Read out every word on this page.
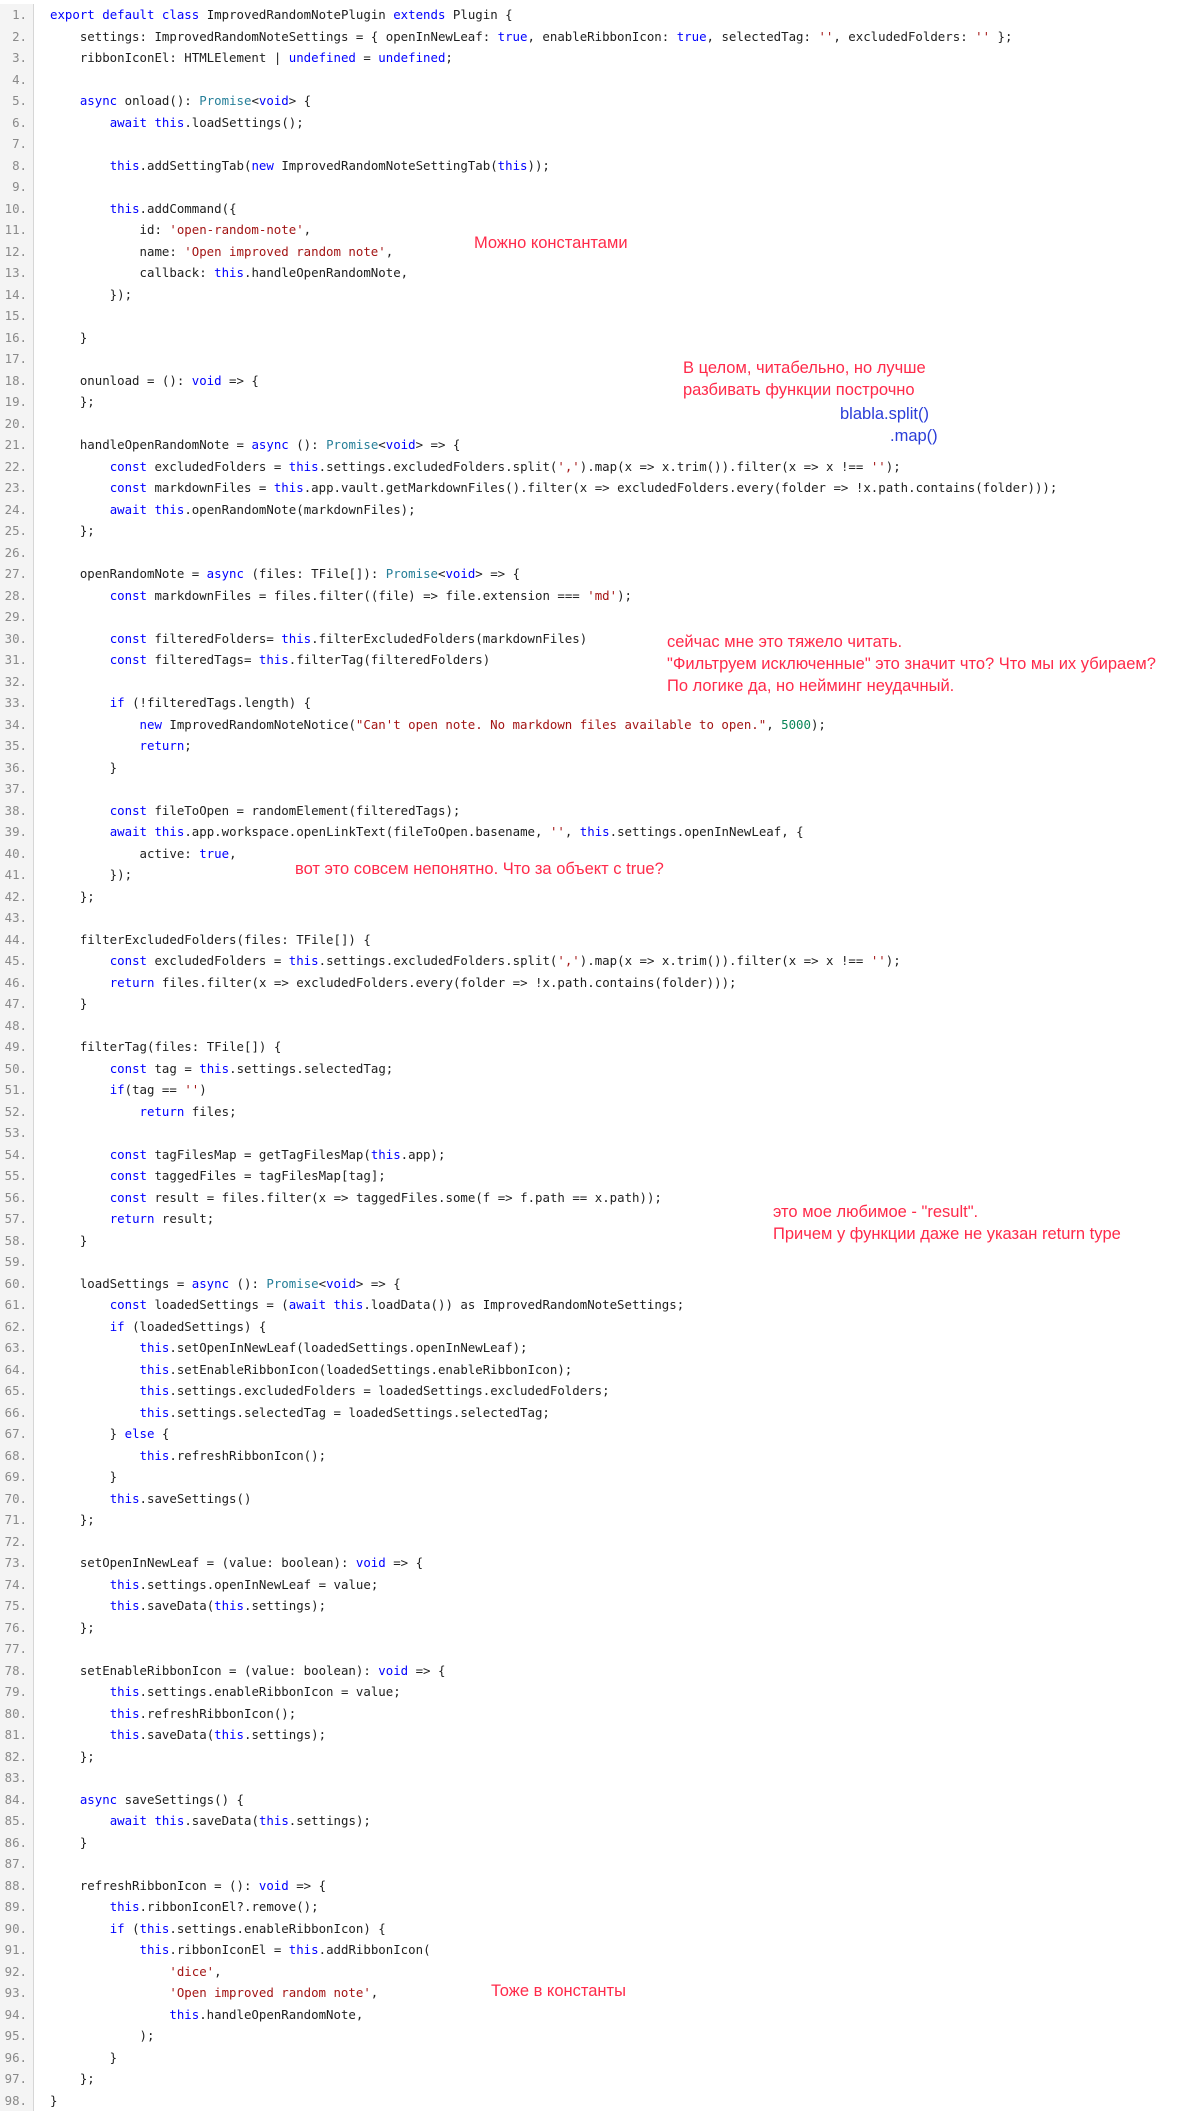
1 .	export default class ImprovedRandomNotePlugin extends Plugin {
2 .	settings: ImprovedRandomNoteSettings = { openInNewLeaf: true, enableRibbonIcon: true, selectedTag: '', excludedFolders: '' };
3 .	ribbonIconEl: HTMLElement | undefined = undefined;
4 .
5 .	async onload(): Promise<void> {
6 .	await this.loadSettings();
7 .
8 .	this.addSettingTab(new ImprovedRandomNoteSettingTab(this));
9 .
10 .	this.addCommand({
11 .	id: 'open-random-note',
12 .	name: 'Open improved random note',
13 .	callback: this.handleOpenRandomNote,
14 .	});
15 .
16 .	}
17 .
18 .	onunload = (): void => {
19 .	};
20 .
21 .	handleOpenRandomNote = async (): Promise<void> => {
22 .	const excludedFolders = this.settings.excludedFolders.split(',').map(x => x.trim()).filter(x => x !== '');
23 .	const markdownFiles = this.app.vault.getMarkdownFiles().filter(x => excludedFolders.every(folder => !x.path.contains(folder)));
24 .	await this.openRandomNote(markdownFiles);
25 .	};
26 .
27 .	openRandomNote = async (files: TFile[]): Promise<void> => {
28 .	const markdownFiles = files.filter((file) => file.extension === 'md');
29 .
30 .	const filteredFolders= this.filterExcludedFolders(markdownFiles)
31 .	const filteredTags= this.filterTag(filteredFolders)
32 .
33 .	if (!filteredTags.length) {
34 .	new ImprovedRandomNoteNotice("Can't open note. No markdown files available to open.", 5000);
35 .	return;
36 .	}
37 .
38 .	const fileToOpen = randomElement(filteredTags);
39 .	await this.app.workspace.openLinkText(fileToOpen.basename, '', this.settings.openInNewLeaf, {
40 .	active: true,
41 .	});
42 .	};
43 .
44 .	filterExcludedFolders(files: TFile[]) {
45 .	const excludedFolders = this.settings.excludedFolders.split(',').map(x => x.trim()).filter(x => x !== '');
46 .	return files.filter(x => excludedFolders.every(folder => !x.path.contains(folder)));
47 .	}
48 .
49 .	filterTag(files: TFile[]) {
50 .	const tag = this.settings.selectedTag;
51 .	if(tag == '')
52 .	return files;
53 .
54 .	const tagFilesMap = getTagFilesMap(this.app);
55 .	const taggedFiles = tagFilesMap[tag];
56 .	const result = files.filter(x => taggedFiles.some(f => f.path == x.path));
57 .	return result;
58 .	}
59 .
60 .	loadSettings = async (): Promise<void> => {
61 .	const loadedSettings = (await this.loadData()) as ImprovedRandomNoteSettings;
62 .	if (loadedSettings) {
63 .	this.setOpenInNewLeaf(loadedSettings.openInNewLeaf);
64 .	this.setEnableRibbonIcon(loadedSettings.enableRibbonIcon);
65 .	this.settings.excludedFolders = loadedSettings.excludedFolders;
66 .	this.settings.selectedTag = loadedSettings.selectedTag;
67 .	} else {
68 .	this.refreshRibbonIcon();
69 .	}
70 .	this.saveSettings()
71 .	};
72 .
73 .	setOpenInNewLeaf = (value: boolean): void => {
74 .	this.settings.openInNewLeaf = value;
75 .	this.saveData(this.settings);
76 .	};
77 .
78 .	setEnableRibbonIcon = (value: boolean): void => {
79 .	this.settings.enableRibbonIcon = value;
80 .	this.refreshRibbonIcon();
81 .	this.saveData(this.settings);
82 .	};
83 .
84 .	async saveSettings() {
85 .	await this.saveData(this.settings);
86 .	}
87 .
88 .	refreshRibbonIcon = (): void => {
89 .	this.ribbonIconEl?.remove();
90 .	if (this.settings.enableRibbonIcon) {
91 .	this.ribbonIconEl = this.addRibbonIcon(
92 .	'dice',
93 .	'Open improved random note',
94 .	this.handleOpenRandomNote,
95 .	);
96 .	}
97 .	};
98 .	}
Можно константами
В целом, читабельно, но лучше
разбивать функции построчно
blabla.split()
.map()
сейчас мне это тяжело читать.
"Фильтруем исключенные" это значит что? Что мы их убираем?
По логике да, но нейминг неудачный.
вот это совсем непонятно. Что за объект с true?
это мое любимое - "result".
Причем у функции даже не указан return type
Тоже в константы
